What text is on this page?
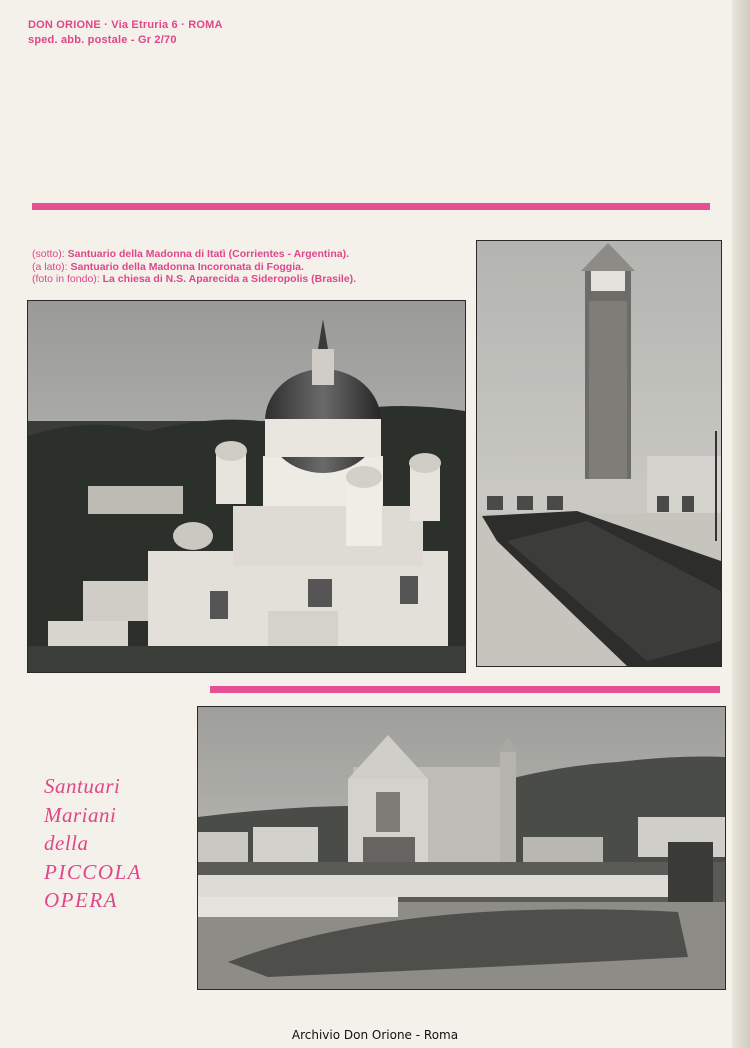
DON ORIONE · Via Etruria 6 · ROMA
sped. abb. postale - Gr 2/70
(sotto): Santuario della Madonna di Itatì (Corrientes - Argentina).
(a lato): Santuario della Madonna Incoronata di Foggia.
(foto in fondo): La chiesa di N.S. Aparecida a Sideropolis (Brasile).
Santuari
Mariani
della
PICCOLA
OPERA
Archivio Don Orione - Roma
